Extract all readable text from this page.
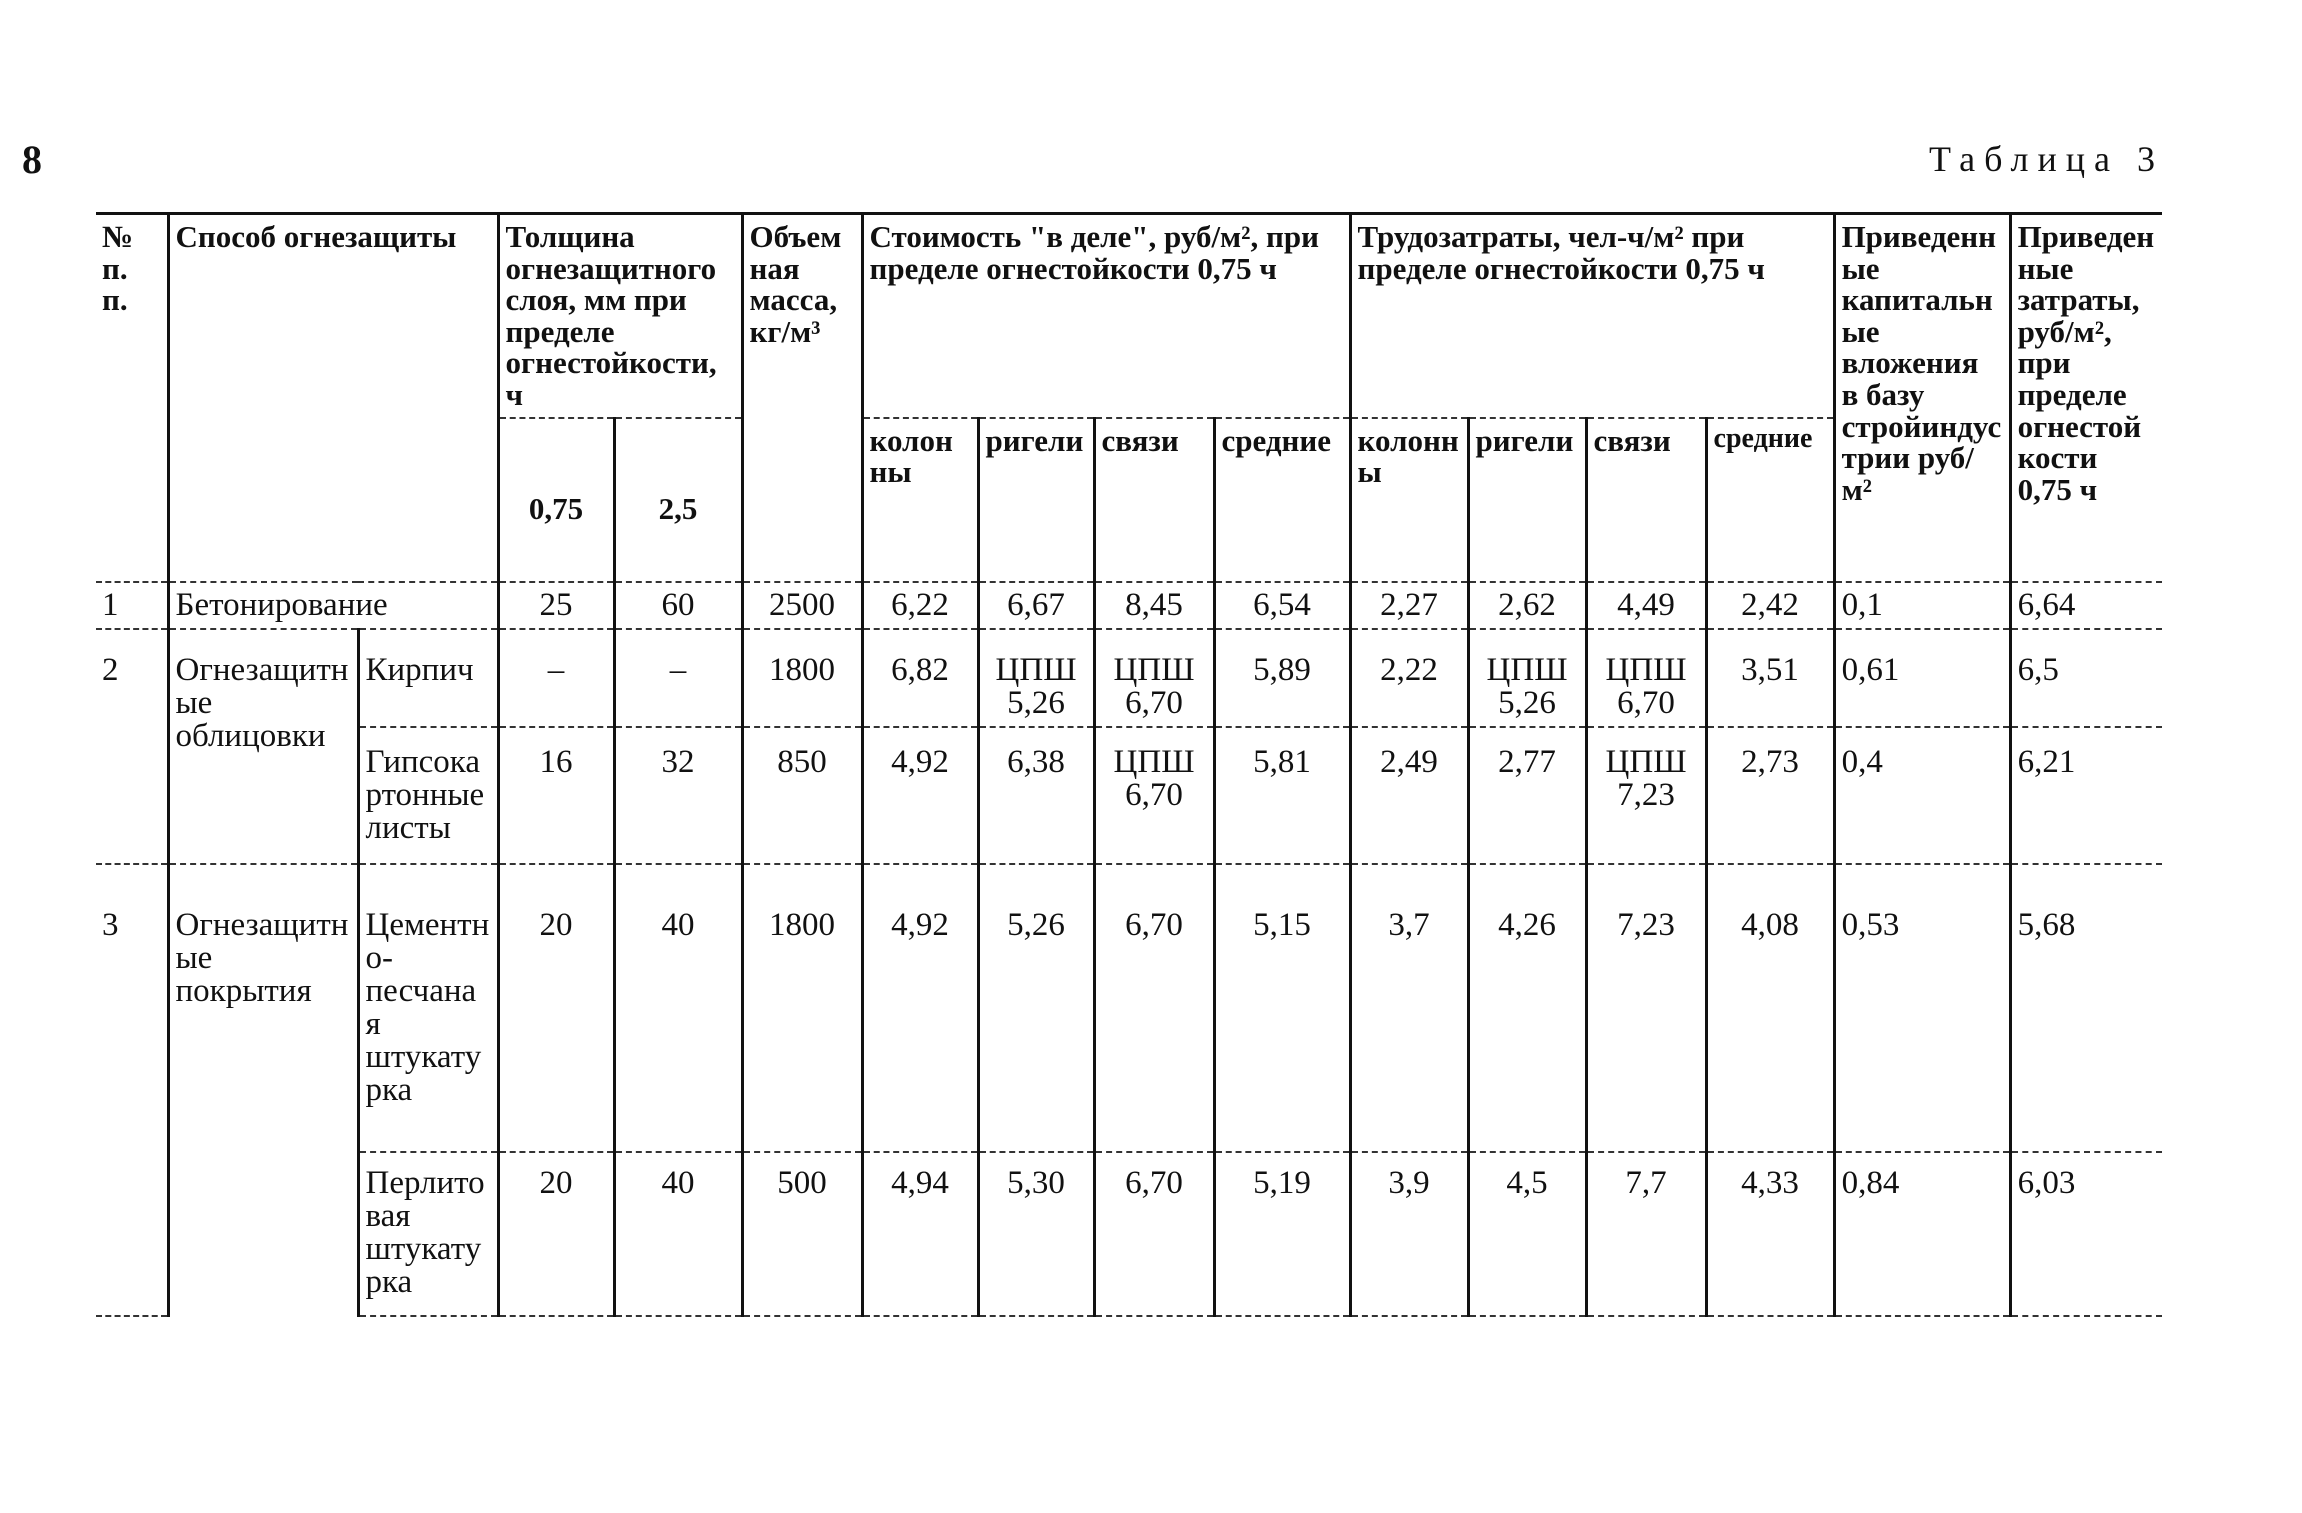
8	Таблица 3
№ п. п.	Способ огнезащиты		Толщина огнезащитного слоя, мм при пределе огнестойкости, ч		Объемная масса, кг/м³	Стоимость "в деле", руб/м², при пределе огнестойкости 0,75 ч				Трудозатраты, чел-ч/м² при пределе огнестойкости 0,75 ч				Приведенные капитальные вложения в базу стройиндустрии руб/м²	Приведенные затраты, руб/м², при пределе огнестойкости 0,75 ч
			0,75	2,5		колонны	ригели	связи	средние	колонны	ригели	связи	средние		

1	Бетонирование		25	60	2500	6,22	6,67	8,45	6,54	2,27	2,62	4,49	2,42	0,1	6,64
2	Огнезащитные облицовки	Кирпич	–	–	1800	6,82	ЦПШ 5,26	ЦПШ 6,70	5,89	2,22	ЦПШ 5,26	ЦПШ 6,70	3,51	0,61	6,5
		Гипсокартонные листы	16	32	850	4,92	6,38	ЦПШ 6,70	5,81	2,49	2,77	ЦПШ 7,23	2,73	0,4	6,21
3	Огнезащитные покрытия	Цементно-песчаная штукатурка	20	40	1800	4,92	5,26	6,70	5,15	3,7	4,26	7,23	4,08	0,53	5,68
		Перлитовая штукатурка	20	40	500	4,94	5,30	6,70	5,19	3,9	4,5	7,7	4,33	0,84	6,03
